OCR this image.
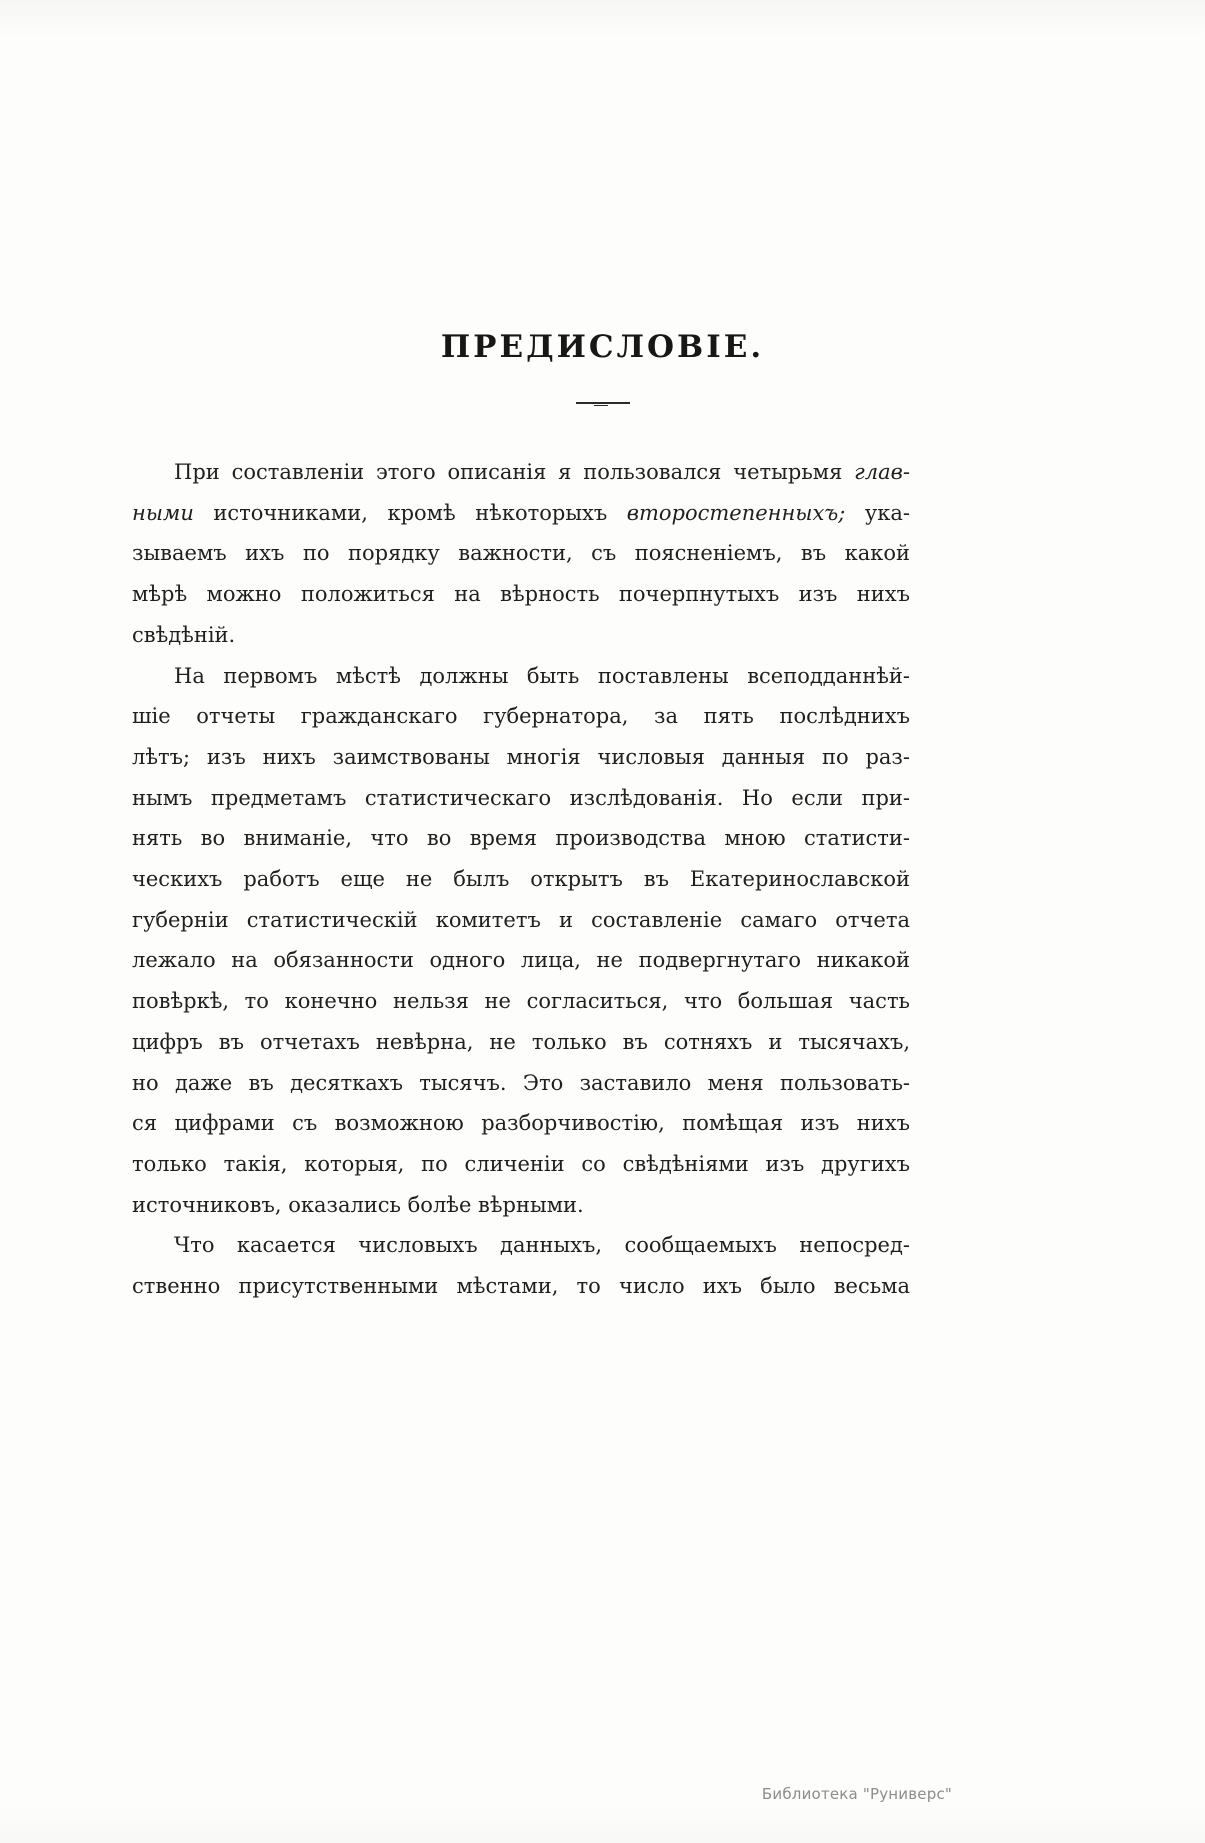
ПРЕДИСЛОВІЕ.
При составленіи этого описанія я пользовался четырьмя глав-
ными источниками, кромѣ нѣкоторыхъ второстепенныхъ; ука-
зываемъ ихъ по порядку важности, съ поясненіемъ, въ какой
мѣрѣ можно положиться на вѣрность почерпнутыхъ изъ нихъ
свѣдѣній.
На первомъ мѣстѣ должны быть поставлены всеподданнѣй-
шіе отчеты гражданскаго губернатора, за пять послѣднихъ
лѣтъ; изъ нихъ заимствованы многія числовыя данныя по раз-
нымъ предметамъ статистическаго изслѣдованія. Но если при-
нять во вниманіе, что во время производства мною статисти-
ческихъ работъ еще не былъ открытъ въ Екатеринославской
губерніи статистическій комитетъ и составленіе самаго отчета
лежало на обязанности одного лица, не подвергнутаго никакой
повѣркѣ, то конечно нельзя не согласиться, что большая часть
цифръ въ отчетахъ невѣрна, не только въ сотняхъ и тысячахъ,
но даже въ десяткахъ тысячъ. Это заставило меня пользовать-
ся цифрами съ возможною разборчивостію, помѣщая изъ нихъ
только такія, которыя, по сличеніи со свѣдѣніями изъ другихъ
источниковъ, оказались болѣе вѣрными.
Что касается числовыхъ данныхъ, сообщаемыхъ непосред-
ственно присутственными мѣстами, то число ихъ было весьма
Библиотека "Руниверс"
